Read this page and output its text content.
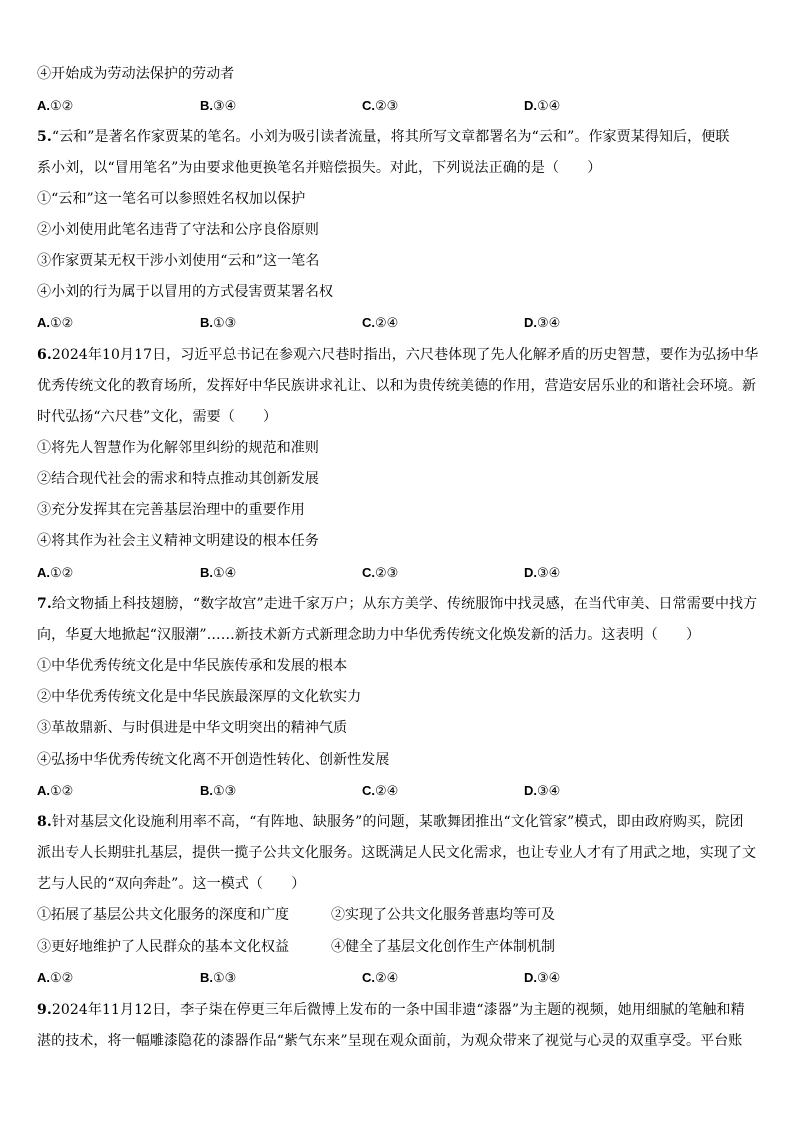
④开始成为劳动法保护的劳动者
A.①②	B.③④	C.②③	D.①④
5.“云和”是著名作家贾某的笔名。小刘为吸引读者流量，将其所写文章都署名为“云和”。作家贾某得知后，便联
系小刘，以“冒用笔名”为由要求他更换笔名并赔偿损失。对此，下列说法正确的是（　　）
①“云和”这一笔名可以参照姓名权加以保护
②小刘使用此笔名违背了守法和公序良俗原则
③作家贾某无权干涉小刘使用“云和”这一笔名
④小刘的行为属于以冒用的方式侵害贾某署名权
A.①②	B.①③	C.②④	D.③④
6.2024年10月17日，习近平总书记在参观六尺巷时指出，六尺巷体现了先人化解矛盾的历史智慧，要作为弘扬中华
优秀传统文化的教育场所，发挥好中华民族讲求礼让、以和为贵传统美德的作用，营造安居乐业的和谐社会环境。新
时代弘扬“六尺巷”文化，需要（　　）
①将先人智慧作为化解邻里纠纷的规范和准则
②结合现代社会的需求和特点推动其创新发展
③充分发挥其在完善基层治理中的重要作用
④将其作为社会主义精神文明建设的根本任务
A.①②	B.①④	C.②③	D.③④
7.给文物插上科技翅膀，“数字故宫”走进千家万户；从东方美学、传统服饰中找灵感，在当代审美、日常需要中找方
向，华夏大地掀起“汉服潮”……新技术新方式新理念助力中华优秀传统文化焕发新的活力。这表明（　　）
①中华优秀传统文化是中华民族传承和发展的根本
②中华优秀传统文化是中华民族最深厚的文化软实力
③革故鼎新、与时俱进是中华文明突出的精神气质
④弘扬中华优秀传统文化离不开创造性转化、创新性发展
A.①②	B.①③	C.②④	D.③④
8.针对基层文化设施利用率不高，“有阵地、缺服务”的问题，某歌舞团推出“文化管家”模式，即由政府购买，院团
派出专人长期驻扎基层，提供一揽子公共文化服务。这既满足人民文化需求，也让专业人才有了用武之地，实现了文
艺与人民的“双向奔赴”。这一模式（　　）
①拓展了基层公共文化服务的深度和广度	②实现了公共文化服务普惠均等可及
③更好地维护了人民群众的基本文化权益	④健全了基层文化创作生产体制机制
A.①②	B.①③	C.②④	D.③④
9.2024年11月12日，李子柒在停更三年后微博上发布的一条中国非遗“漆器”为主题的视频，她用细腻的笔触和精
湛的技术，将一幅雕漆隐花的漆器作品“紫气东来”呈现在观众面前，为观众带来了视觉与心灵的双重享受。平台账
